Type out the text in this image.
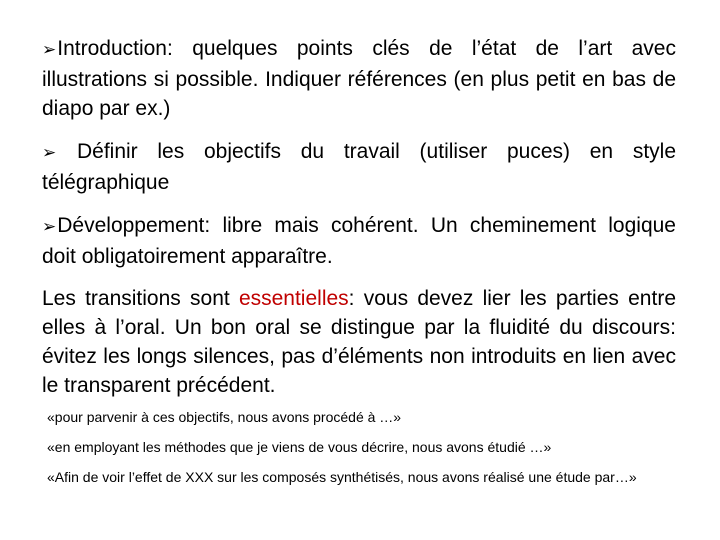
➢Introduction: quelques points clés de l’état de l’art avec illustrations si possible. Indiquer références (en plus petit en bas de diapo par ex.)

➢ Définir les objectifs du travail (utiliser puces) en style télégraphique

➢Développement: libre mais cohérent. Un cheminement logique doit obligatoirement apparaître.

Les transitions sont essentielles: vous devez lier les parties entre elles à l’oral. Un bon oral se distingue par la fluidité du discours: évitez les longs silences, pas d’éléments non introduits en lien avec le transparent précédent.

«pour parvenir à ces objectifs, nous avons procédé à …»

«en employant les méthodes que je viens de vous décrire, nous avons étudié …»

«Afin de voir l’effet de XXX sur les composés synthétisés, nous avons réalisé une étude par…»
